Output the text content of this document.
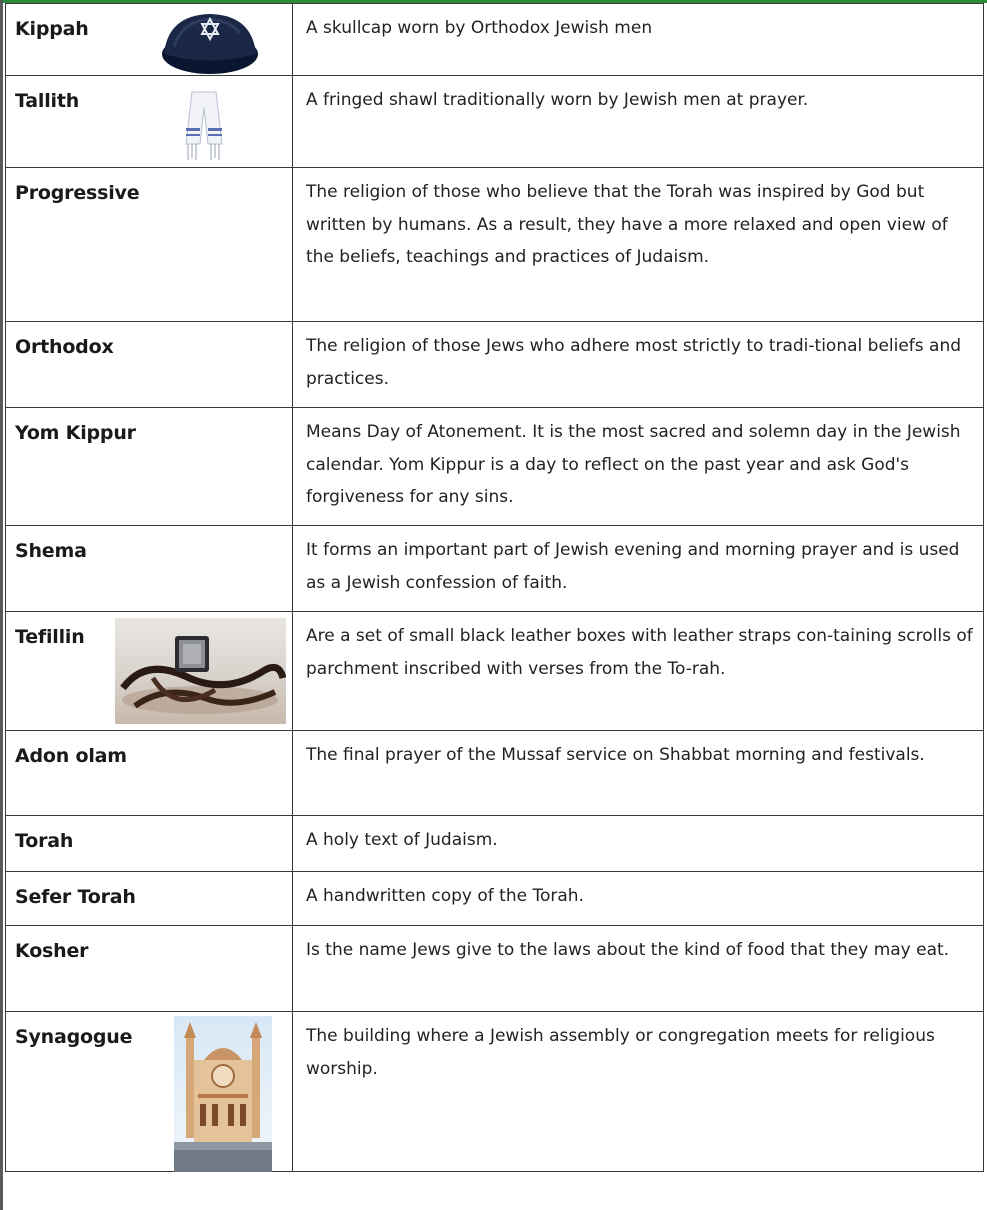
Kippah	A skullcap worn by Orthodox Jewish men

Tallith	A fringed shawl traditionally worn by Jewish men at prayer.

Progressive	The religion of those who believe that the Torah was inspired by God but written by humans. As a result, they have a more relaxed and open view of the beliefs, teachings and practices of Judaism.

Orthodox	The religion of those Jews who adhere most strictly to tradi-tional beliefs and practices.

Yom Kippur	Means Day of Atonement. It is the most sacred and solemn day in the Jewish calendar. Yom Kippur is a day to reflect on the past year and ask God's forgiveness for any sins.

Shema	It forms an important part of Jewish evening and morning prayer and is used as a Jewish confession of faith.

Tefillin	Are a set of small black leather boxes with leather straps con-taining scrolls of parchment inscribed with verses from the To-rah.

Adon olam	The final prayer of the Mussaf service on Shabbat morning and festivals.

Torah	A holy text of Judaism.

Sefer Torah	A handwritten copy of the Torah.

Kosher	Is the name Jews give to the laws about the kind of food that they may eat.

Synagogue	The building where a Jewish assembly or congregation meets for religious worship.
